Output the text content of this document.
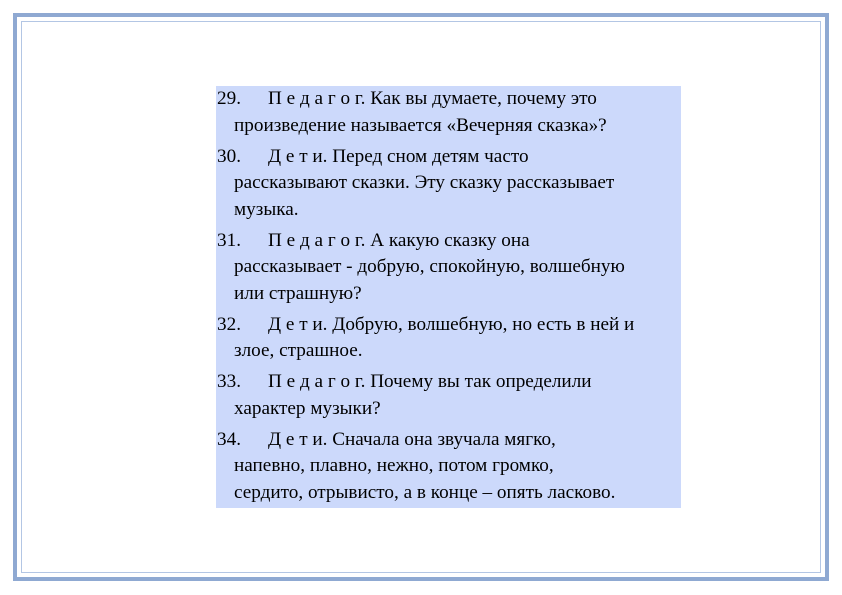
29.	П е д а г о г. Как вы думаете, почему это
произведение называется «Вечерняя сказка»?
30.	Д е т и. Перед сном детям часто
рассказывают сказки. Эту сказку рассказывает
музыка.
31.	П е д а г о г. А какую сказку она
рассказывает - добрую, спокойную, волшебную
или страшную?
32.	Д е т и. Добрую, волшебную, но есть в ней и
злое, страшное.
33.	П е д а г о г. Почему вы так определили
характер музыки?
34.	Д е т и. Сначала она звучала мягко,
напевно, плавно, нежно, потом громко,
сердито, отрывисто, а в конце – опять ласково.
